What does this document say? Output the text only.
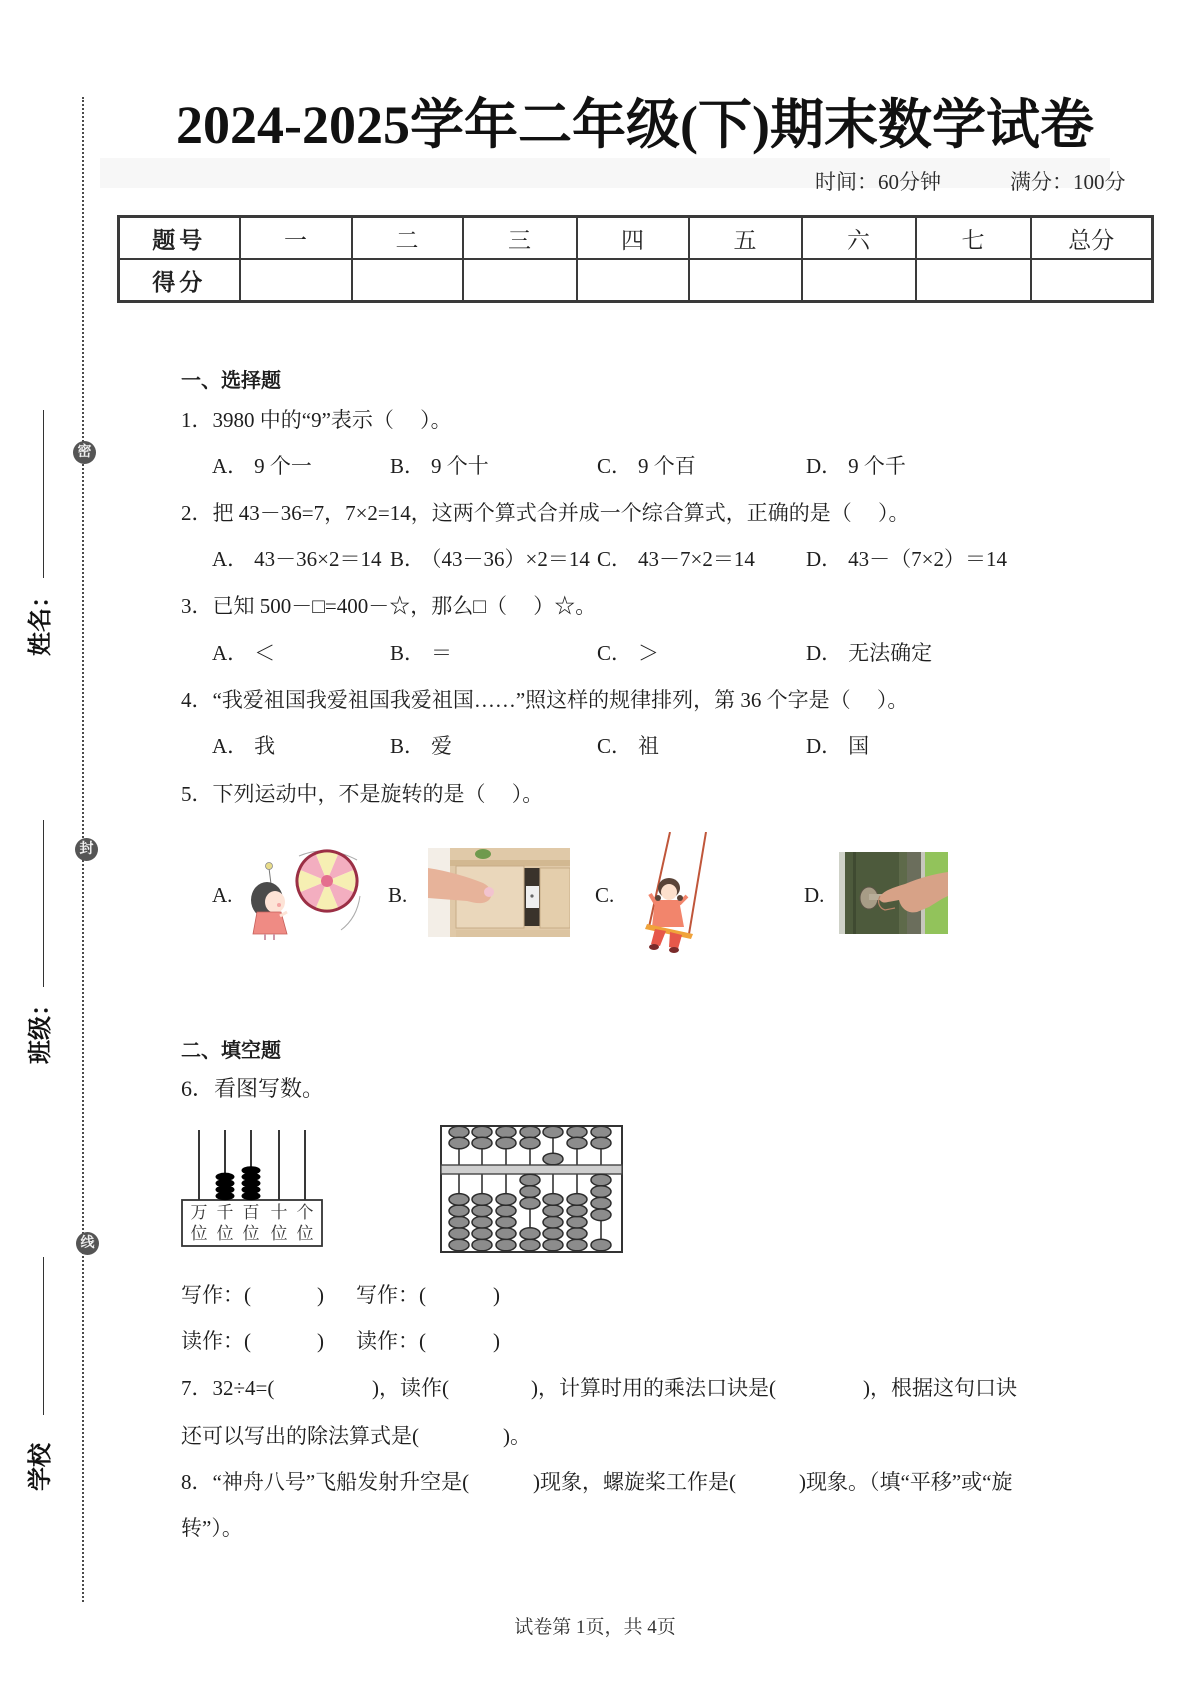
密
封
线
姓名：
班级：
学校
2024-2025学年二年级(下)期末数学试卷
时间：60分钟	满分：100分
题号	一	二	三	四	五	六	七	总分
得分								
一、选择题
1．3980 中的“9”表示（　 ）。
A． 9 个一	B． 9 个十	C． 9 个百	D． 9 个千
2．把 43－36=7，7×2=14，这两个算式合并成一个综合算式，正确的是（　 ）。
A． 43－36×2＝14 B． （43－36）×2＝14 C． 43－7×2＝14 D． 43－（7×2）＝14
3．已知 500－□=400－☆，那么□（　 ）☆。
A． ＜	B． ＝	C． ＞	D． 无法确定
4．“我爱祖国我爱祖国我爱祖国……”照这样的规律排列，第 36 个字是（　 ）。
A． 我	B． 爱	C． 祖	D． 国
5．下列运动中，不是旋转的是（　 ）。
A.	B.	C.	D.
二、填空题
6．看图写数。
万
位
千
位
百
位
十
位
个
位
写作：(	) 写作：(	)
读作：(	) 读作：(	)
7．32÷4=(	)，读作(	)，计算时用的乘法口诀是(	)，根据这句口诀
还可以写出的除法算式是(	)。
8．“神舟八号”飞船发射升空是(	)现象，螺旋桨工作是(	)现象。（填“平移”或“旋
转”）。
试卷第 1页，共 4页
